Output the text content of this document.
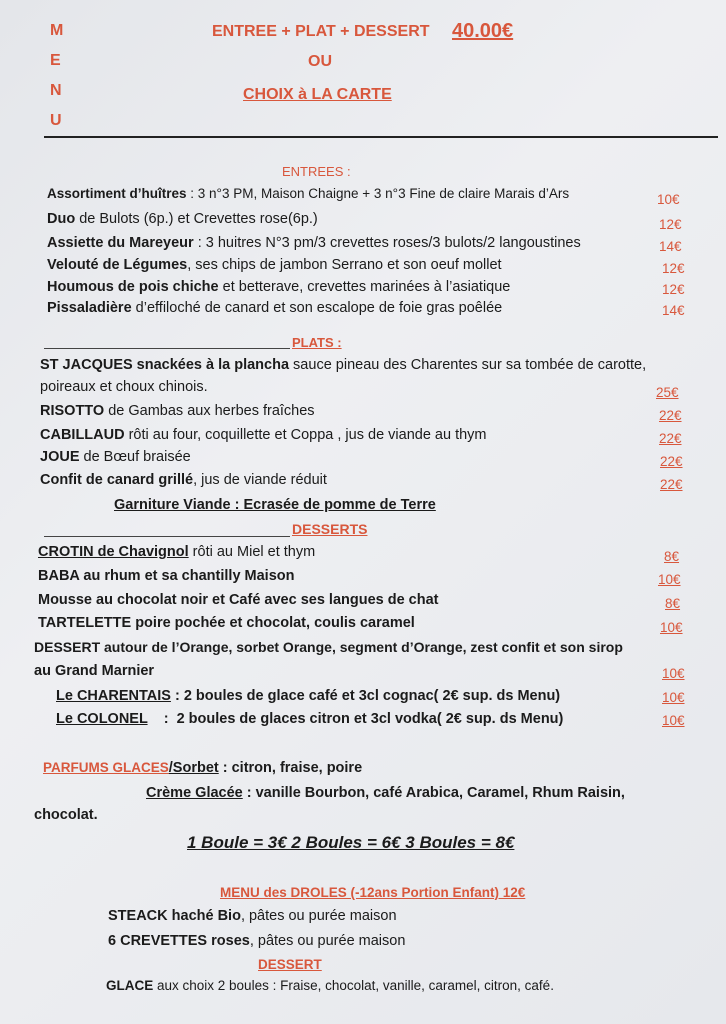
M
E
N
U
ENTREE + PLAT + DESSERT 40.00€
OU
CHOIX à LA CARTE
ENTREES :
Assortiment d’huîtres : 3 n°3 PM, Maison Chaigne + 3 n°3 Fine de claire Marais d’Ars	10€
Duo de Bulots (6p.) et Crevettes rose(6p.)	12€
Assiette du Mareyeur : 3 huitres N°3 pm/3 crevettes roses/3 bulots/2 langoustines	14€
Velouté de Légumes, ses chips de jambon Serrano et son oeuf mollet	12€
Houmous de pois chiche et betterave, crevettes marinées à l’asiatique	12€
Pissaladière d’effiloché de canard et son escalope de foie gras poêlée	14€
PLATS :
ST JACQUES snackées à la plancha sauce pineau des Charentes sur sa tombée de carotte,
poireaux et choux chinois.	25€
RISOTTO de Gambas aux herbes fraîches	22€
CABILLAUD rôti au four, coquillette et Coppa , jus de viande au thym	22€
JOUE de Bœuf braisée	22€
Confit de canard grillé, jus de viande réduit	22€
Garniture Viande : Ecrasée de pomme de Terre
DESSERTS
CROTIN de Chavignol rôti au Miel et thym	8€
BABA au rhum et sa chantilly Maison	10€
Mousse au chocolat noir et Café avec ses langues de chat	8€
TARTELETTE poire pochée et chocolat, coulis caramel	10€
DESSERT autour de l’Orange, sorbet Orange, segment d’Orange, zest confit et son sirop
au Grand Marnier	10€
Le CHARENTAIS : 2 boules de glace café et 3cl cognac( 2€ sup. ds Menu)	10€
Le COLONEL    :  2 boules de glaces citron et 3cl vodka( 2€ sup. ds Menu)	10€
PARFUMS GLACES/Sorbet : citron, fraise, poire
Crème Glacée : vanille Bourbon, café Arabica, Caramel, Rhum Raisin,
chocolat.
1 Boule = 3€ 2 Boules = 6€ 3 Boules = 8€
MENU des DROLES (-12ans Portion Enfant) 12€
STEACK haché Bio, pâtes ou purée maison
6 CREVETTES roses, pâtes ou purée maison
DESSERT
GLACE aux choix 2 boules : Fraise, chocolat, vanille, caramel, citron, café.
